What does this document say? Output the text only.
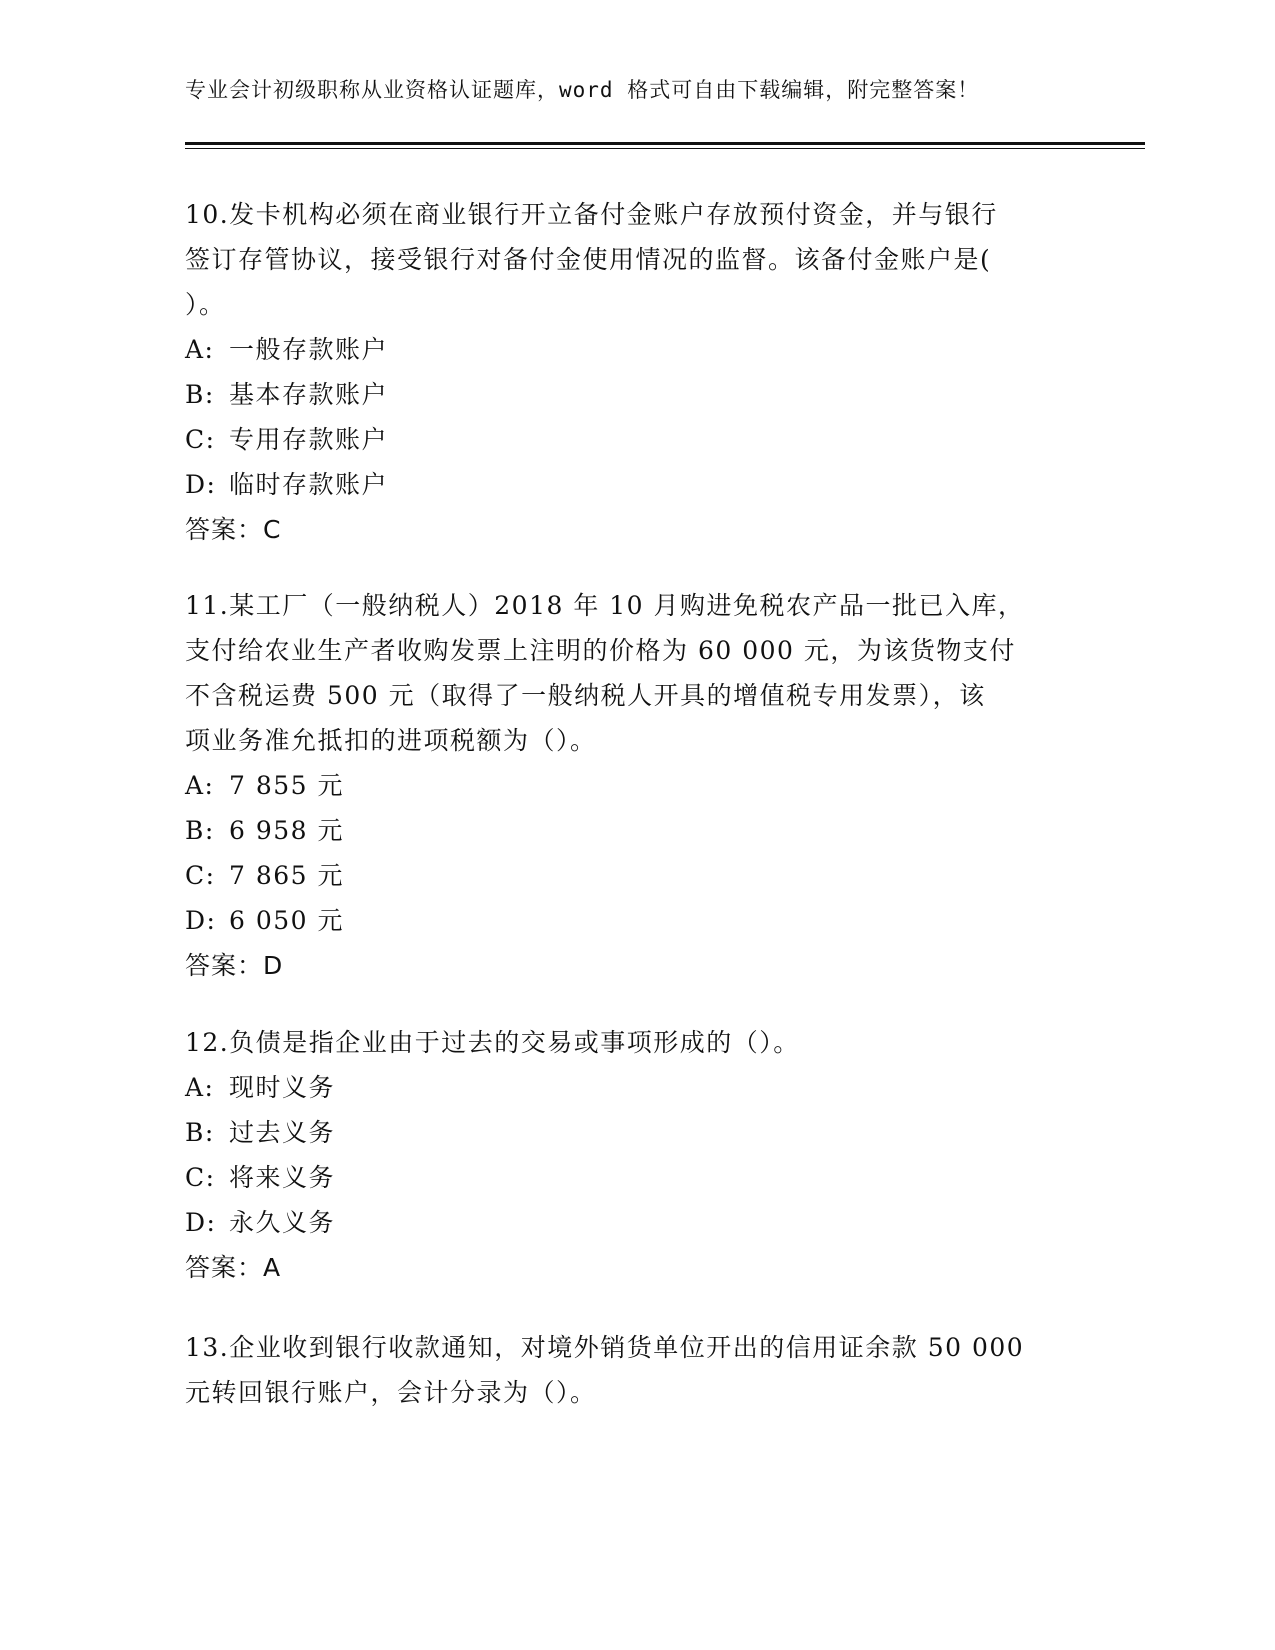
专业会计初级职称从业资格认证题库，word 格式可自由下载编辑，附完整答案！
10.发卡机构必须在商业银行开立备付金账户存放预付资金，并与银行
签订存管协议，接受银行对备付金使用情况的监督。该备付金账户是(
）。
A: 一般存款账户
B: 基本存款账户
C: 专用存款账户
D: 临时存款账户
答案：C
11.某工厂（一般纳税人）2018 年 10 月购进免税农产品一批已入库，
支付给农业生产者收购发票上注明的价格为 60 000 元，为该货物支付
不含税运费 500 元（取得了一般纳税人开具的增值税专用发票），该
项业务准允抵扣的进项税额为（）。
A: 7 855 元
B: 6 958 元
C: 7 865 元
D: 6 050 元
答案：D
12.负债是指企业由于过去的交易或事项形成的（）。
A: 现时义务
B: 过去义务
C: 将来义务
D: 永久义务
答案：A
13.企业收到银行收款通知，对境外销货单位开出的信用证余款 50 000
元转回银行账户，会计分录为（）。
